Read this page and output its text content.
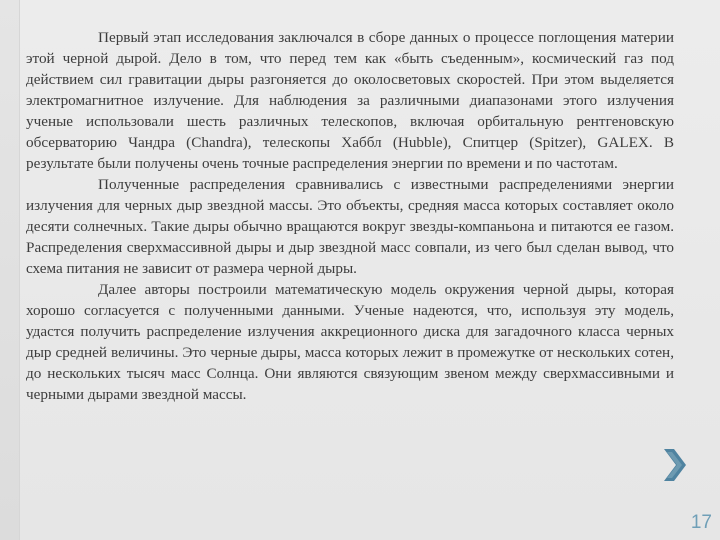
Первый этап исследования заключался в сборе данных о процессе поглощения материи этой черной дырой. Дело в том, что перед тем как «быть съеденным», космический газ под действием сил гравитации дыры разгоняется до околосветовых скоростей. При этом выделяется электромагнитное излучение. Для наблюдения за различными диапазонами этого излучения ученые использовали шесть различных телескопов, включая орбитальную рентгеновскую обсерваторию Чандра (Chandra), телескопы Хаббл (Hubble), Спитцер (Spitzer), GALEX. В результате были получены очень точные распределения энергии по времени и по частотам.

Полученные распределения сравнивались с известными распределениями энергии излучения для черных дыр звездной массы. Это объекты, средняя масса которых составляет около десяти солнечных. Такие дыры обычно вращаются вокруг звезды-компаньона и питаются ее газом. Распределения сверхмассивной дыры и дыр звездной масс совпали, из чего был сделан вывод, что схема питания не зависит от размера черной дыры.

Далее авторы построили математическую модель окружения черной дыры, которая хорошо согласуется с полученными данными. Ученые надеются, что, используя эту модель, удастся получить распределение излучения аккреционного диска для загадочного класса черных дыр средней величины. Это черные дыры, масса которых лежит в промежутке от нескольких сотен, до нескольких тысяч масс Солнца. Они являются связующим звеном между сверхмассивными и черными дырами звездной массы.

17
